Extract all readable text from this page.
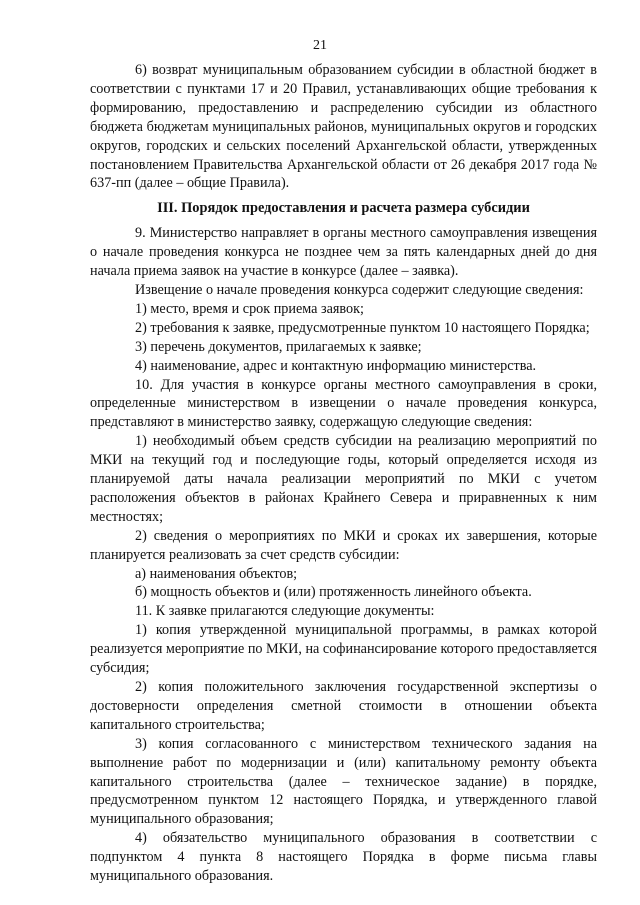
21

6) возврат муниципальным образованием субсидии в областной бюджет в соответствии с пунктами 17 и 20 Правил, устанавливающих общие требования к формированию, предоставлению и распределению субсидии из областного бюджета бюджетам муниципальных районов, муниципальных округов и городских округов, городских и сельских поселений Архангельской области, утвержденных постановлением Правительства Архангельской области от 26 декабря 2017 года № 637-пп (далее – общие Правила).

III. Порядок предоставления и расчета размера субсидии

9. Министерство направляет в органы местного самоуправления извещения о начале проведения конкурса не позднее чем за пять календарных дней до дня начала приема заявок на участие в конкурсе (далее – заявка).

Извещение о начале проведения конкурса содержит следующие сведения:

1) место, время и срок приема заявок;

2) требования к заявке, предусмотренные пунктом 10 настоящего Порядка;

3) перечень документов, прилагаемых к заявке;

4) наименование, адрес и контактную информацию министерства.

10. Для участия в конкурсе органы местного самоуправления в сроки, определенные министерством в извещении о начале проведения конкурса, представляют в министерство заявку, содержащую следующие сведения:

1) необходимый объем средств субсидии на реализацию мероприятий по МКИ на текущий год и последующие годы, который определяется исходя из планируемой даты начала реализации мероприятий по МКИ с учетом расположения объектов в районах Крайнего Севера и приравненных к ним местностях;

2) сведения о мероприятиях по МКИ и сроках их завершения, которые планируется реализовать за счет средств субсидии:

а) наименования объектов;

б) мощность объектов и (или) протяженность линейного объекта.

11. К заявке прилагаются следующие документы:

1) копия утвержденной муниципальной программы, в рамках которой реализуется мероприятие по МКИ, на софинансирование которого предоставляется субсидия;

2) копия положительного заключения государственной экспертизы о достоверности определения сметной стоимости в отношении объекта капитального строительства;

3) копия согласованного с министерством технического задания на выполнение работ по модернизации и (или) капитальному ремонту объекта капитального строительства (далее – техническое задание) в порядке, предусмотренном пунктом 12 настоящего Порядка, и утвержденного главой муниципального образования;

4) обязательство муниципального образования в соответствии с подпунктом 4 пункта 8 настоящего Порядка в форме письма главы муниципального образования.
